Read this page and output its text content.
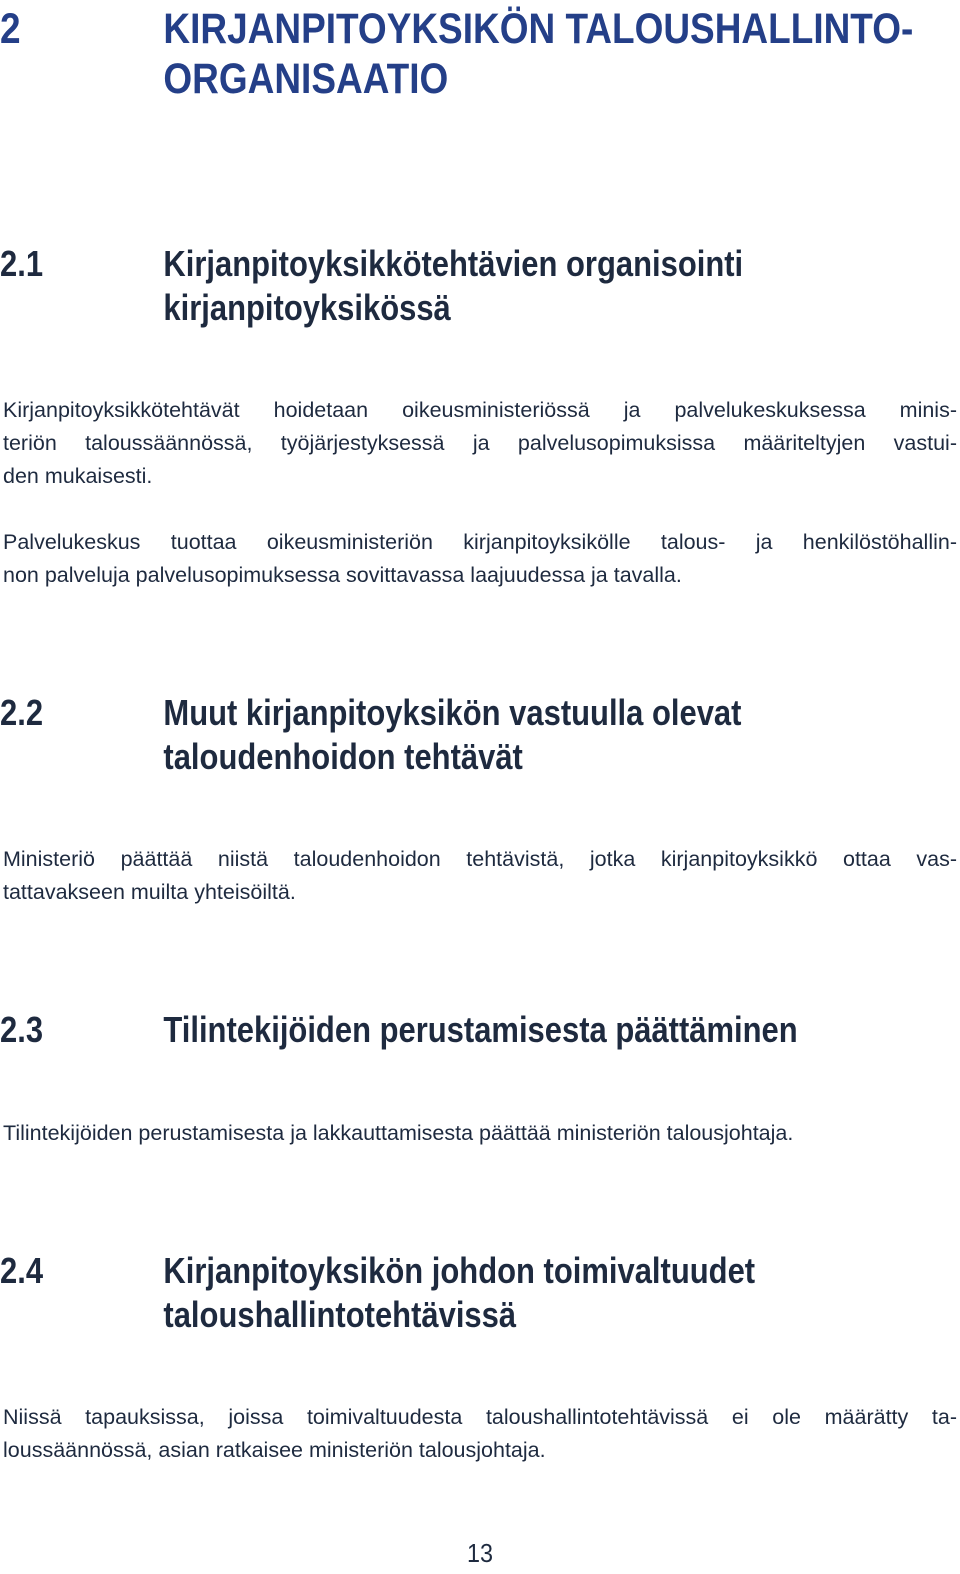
2	KIRJANPITOYKSIKÖN TALOUSHALLINTO-
ORGANISAATIO
2.1	Kirjanpitoyksikkötehtävien organisointi
kirjanpitoyksikössä
Kirjanpitoyksikkötehtävät hoidetaan oikeusministeriössä ja palvelukeskuksessa minis-
teriön taloussäännössä, työjärjestyksessä ja palvelusopimuksissa määriteltyjen vastui-
den mukaisesti.
Palvelukeskus tuottaa oikeusministeriön kirjanpitoyksikölle talous- ja henkilöstöhallin-
non palveluja palvelusopimuksessa sovittavassa laajuudessa ja tavalla.
2.2	Muut kirjanpitoyksikön vastuulla olevat
taloudenhoidon tehtävät
Ministeriö päättää niistä taloudenhoidon tehtävistä, jotka kirjanpitoyksikkö ottaa vas-
tattavakseen muilta yhteisöiltä.
2.3	Tilintekijöiden perustamisesta päättäminen
Tilintekijöiden perustamisesta ja lakkauttamisesta päättää ministeriön talousjohtaja.
2.4	Kirjanpitoyksikön johdon toimivaltuudet
taloushallintotehtävissä
Niissä tapauksissa, joissa toimivaltuudesta taloushallintotehtävissä ei ole määrätty ta-
loussäännössä, asian ratkaisee ministeriön talousjohtaja.
13
